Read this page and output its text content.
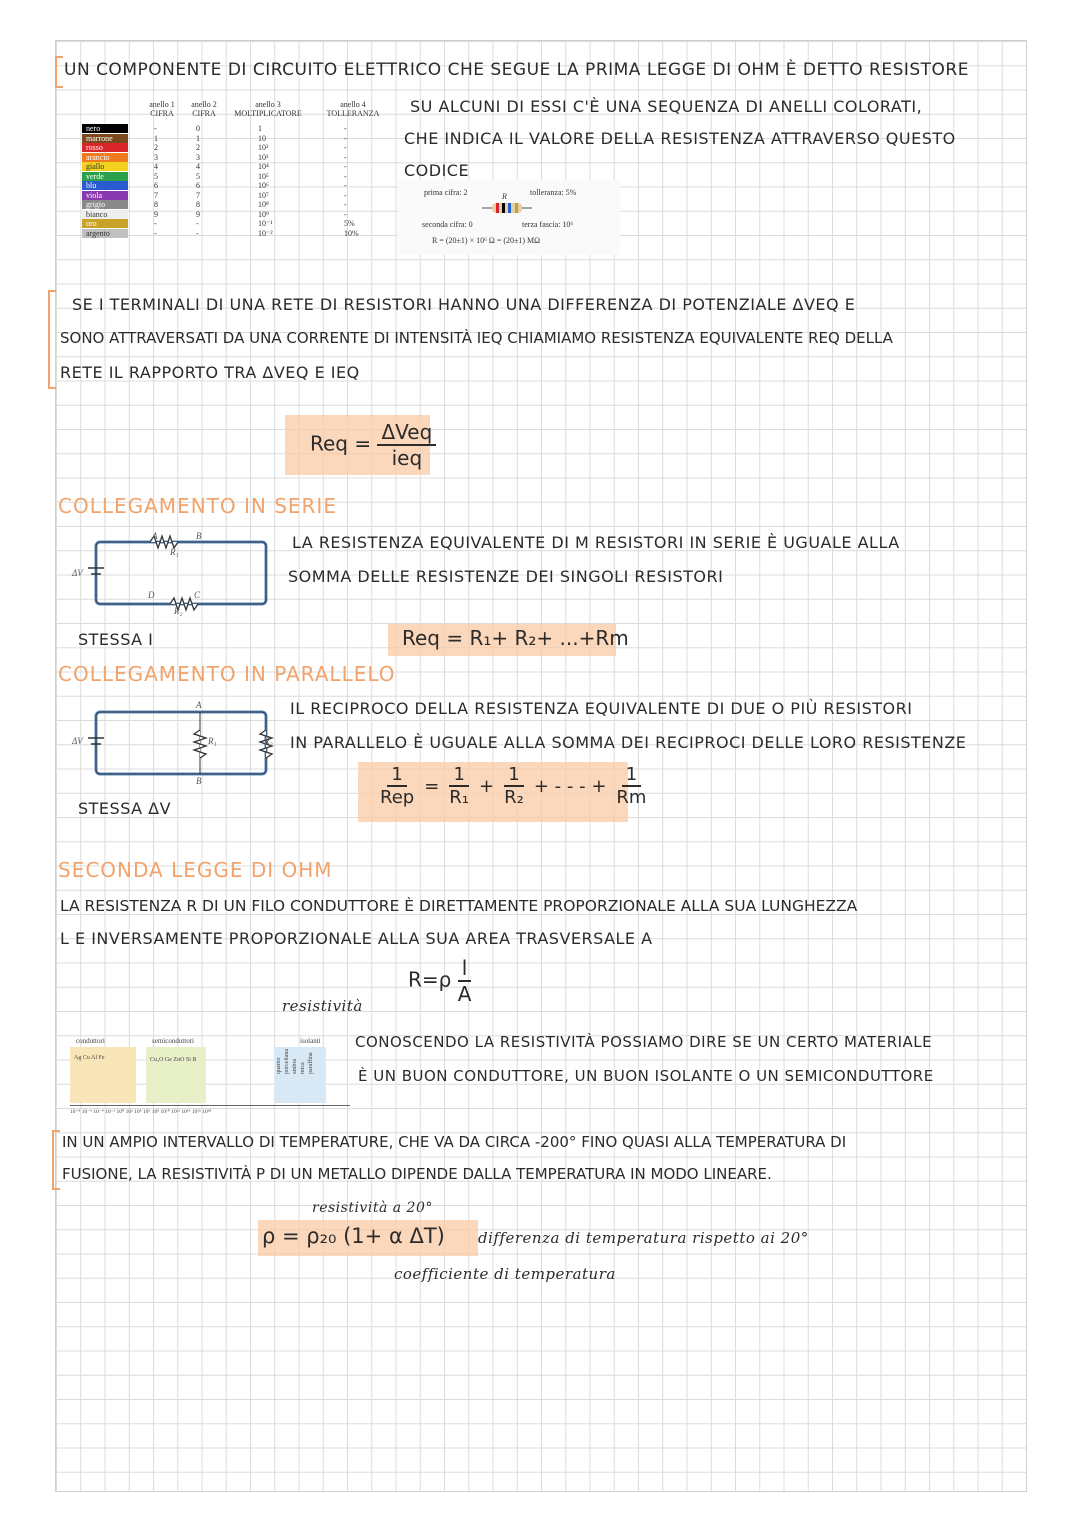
UN COMPONENTE DI CIRCUITO ELETTRICO CHE SEGUE LA PRIMA LEGGE DI OHM È DETTO RESISTORE
SU ALCUNI DI ESSI C'È UNA SEQUENZA DI ANELLI COLORATI,
CHE INDICA IL VALORE DELLA RESISTENZA ATTRAVERSO QUESTO
CODICE
anello 1 CIFRA
anello 2 CIFRA
anello 3 MOLTIPLICATORE
anello 4 TOLLERANZA
nero	-	0	1	-
marrone	1	1	10	-
rosso	2	2	10²	-
arancio	3	3	10³	-
giallo	4	4	10⁴	-
verde	5	5	10⁵	-
blu	6	6	10⁶	-
viola	7	7	10⁷	-
grigio	8	8	10⁸	-
bianco	9	9	10⁹	-
oro	-	-	10⁻¹	5%
argento	-	-	10⁻²	10%
prima cifra: 2	tolleranza: 5%
R
seconda cifra: 0	terza fascia: 10⁶
R = (20±1) × 10⁶ Ω = (20±1) MΩ
SE I TERMINALI DI UNA RETE DI RESISTORI HANNO UNA DIFFERENZA DI POTENZIALE ΔVEQ E
SONO ATTRAVERSATI DA UNA CORRENTE DI INTENSITÀ IEQ CHIAMIAMO RESISTENZA EQUIVALENTE REQ DELLA
RETE IL RAPPORTO TRA ΔVEQ E IEQ
Req = $\frac{\text{ΔVeq}}{\text{ieq}}$
COLLEGAMENTO IN SERIE
LA RESISTENZA EQUIVALENTE DI M RESISTORI IN SERIE È UGUALE ALLA
SOMMA DELLE RESISTENZE DEI SINGOLI RESISTORI
A	B
R₁
D	C
R₂
ΔV
STESSA I	Req = R₁+ R₂+ ...+Rm
COLLEGAMENTO IN PARALLELO
IL RECIPROCO DELLA RESISTENZA EQUIVALENTE DI DUE O PIÙ RESISTORI
IN PARALLELO È UGUALE ALLA SOMMA DEI RECIPROCI DELLE LORO RESISTENZE
A
B
R₁	R₂
ΔV
STESSA ΔV
$\frac{1}{\text{Rep}} = \frac{1}{\text{R₁}} + \frac{1}{\text{R₂}}$ + - - - + $\frac{1}{Rm}$
SECONDA LEGGE DI OHM
LA RESISTENZA R DI UN FILO CONDUTTORE È DIRETTAMENTE PROPORZIONALE ALLA SUA LUNGHEZZA
L E INVERSAMENTE PROPORZIONALE ALLA SUA AREA TRASVERSALE A
$R=\rho \frac{l}{A}$
resistività
conduttori	semiconduttori	isolanti
Ag Cu Al Fe	Cu₂O Ge ZnO Si B	quarzo porcellana ambra mica paraffina
10⁻⁸ 10⁻⁶ 10⁻⁴ 10⁻² 10⁰ 10² 10⁴ 10⁶ 10⁸ 10¹⁰ 10¹² 10¹⁴ 10¹⁶ 10¹⁸
CONOSCENDO LA RESISTIVITÀ POSSIAMO DIRE SE UN CERTO MATERIALE
È UN BUON CONDUTTORE, UN BUON ISOLANTE O UN SEMICONDUTTORE
IN UN AMPIO INTERVALLO DI TEMPERATURE, CHE VA DA CIRCA -200° FINO QUASI ALLA TEMPERATURA DI
FUSIONE, LA RESISTIVITÀ Ρ DI UN METALLO DIPENDE DALLA TEMPERATURA IN MODO LINEARE.
resistività a 20°
ρ = ρ₂₀ (1+ α ΔT) differenza di temperatura rispetto ai 20°
coefficiente di temperatura
